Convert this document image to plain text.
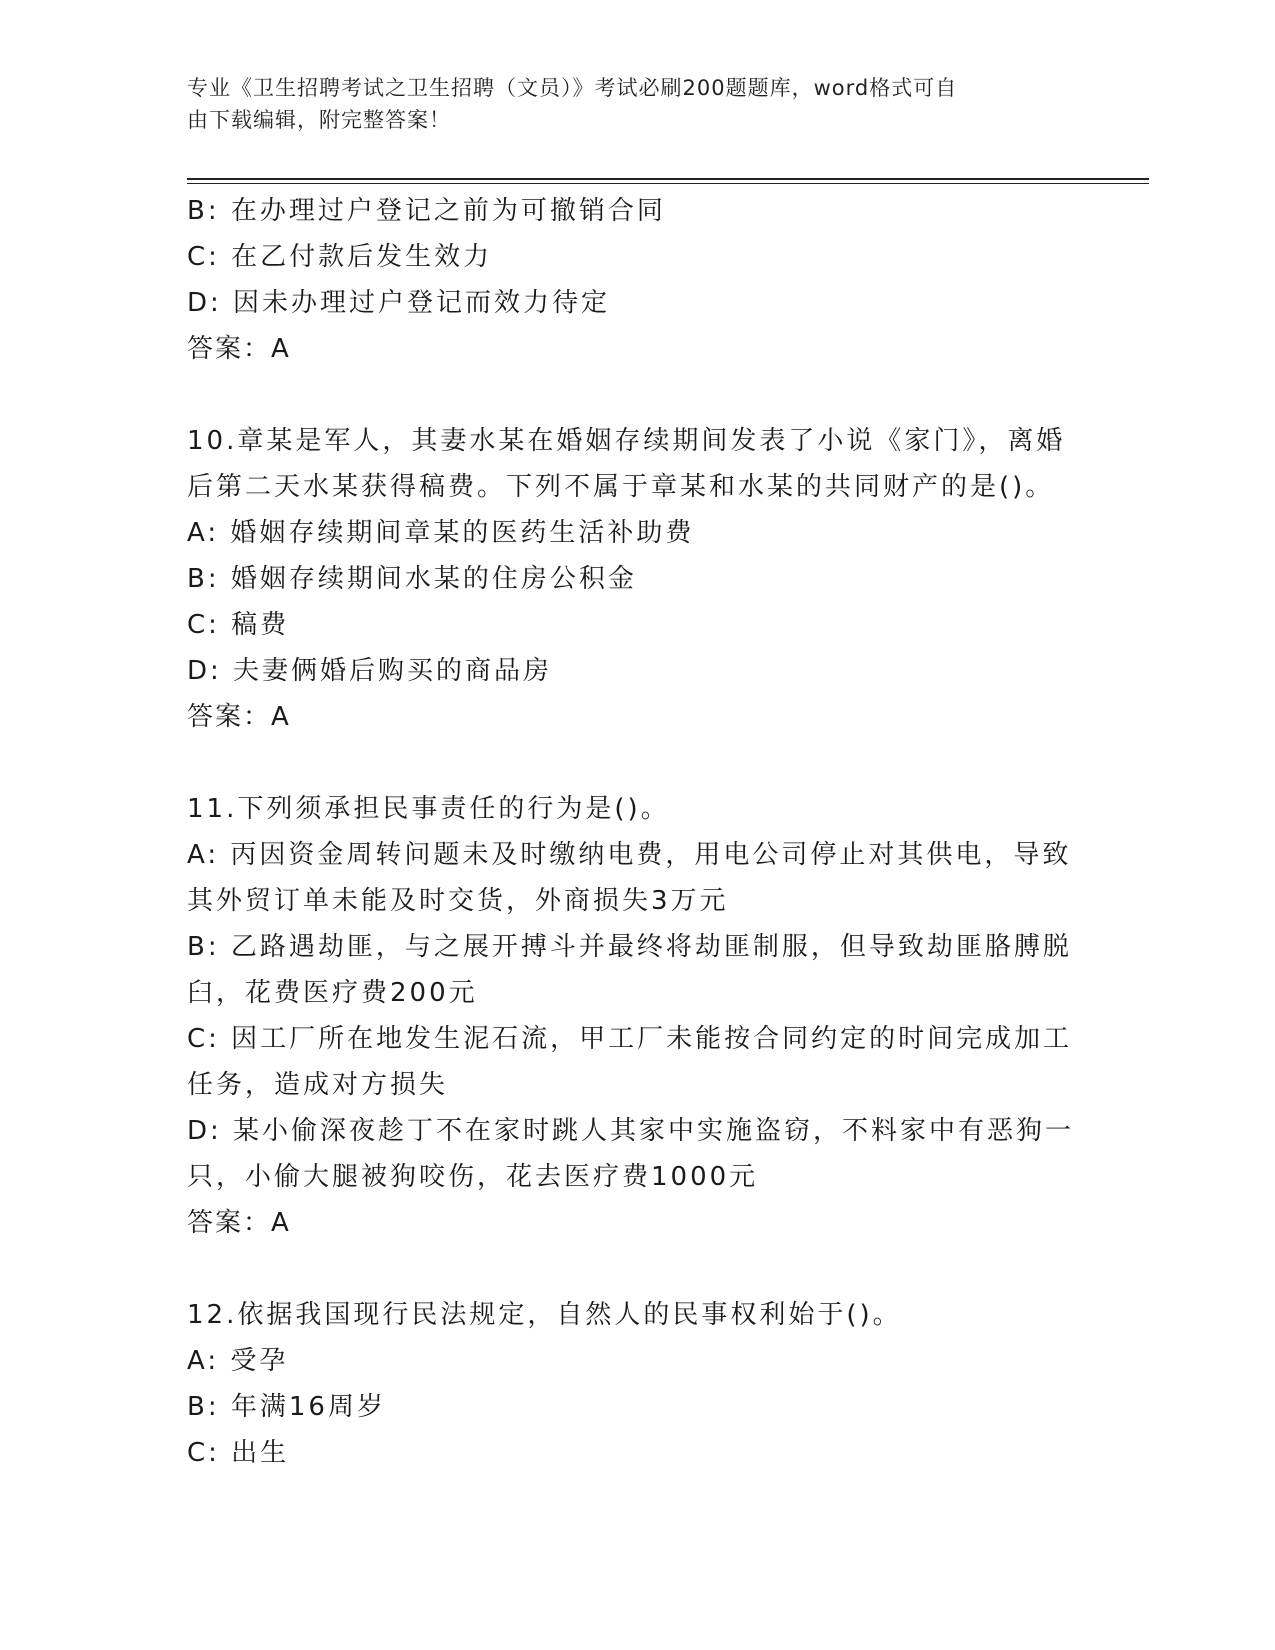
专业《卫生招聘考试之卫生招聘（文员）》考试必刷200题题库，word格式可自
由下载编辑，附完整答案！
B: 在办理过户登记之前为可撤销合同
C: 在乙付款后发生效力
D: 因未办理过户登记而效力待定
答案：A
10.章某是军人，其妻水某在婚姻存续期间发表了小说《家门》，离婚
后第二天水某获得稿费。下列不属于章某和水某的共同财产的是()。
A: 婚姻存续期间章某的医药生活补助费
B: 婚姻存续期间水某的住房公积金
C: 稿费
D: 夫妻俩婚后购买的商品房
答案：A
11.下列须承担民事责任的行为是()。
A: 丙因资金周转问题未及时缴纳电费，用电公司停止对其供电，导致
其外贸订单未能及时交货，外商损失3万元
B: 乙路遇劫匪，与之展开搏斗并最终将劫匪制服，但导致劫匪胳膊脱
臼，花费医疗费200元
C: 因工厂所在地发生泥石流，甲工厂未能按合同约定的时间完成加工
任务，造成对方损失
D: 某小偷深夜趁丁不在家时跳人其家中实施盗窃，不料家中有恶狗一
只，小偷大腿被狗咬伤，花去医疗费1000元
答案：A
12.依据我国现行民法规定，自然人的民事权利始于()。
A: 受孕
B: 年满16周岁
C: 出生
